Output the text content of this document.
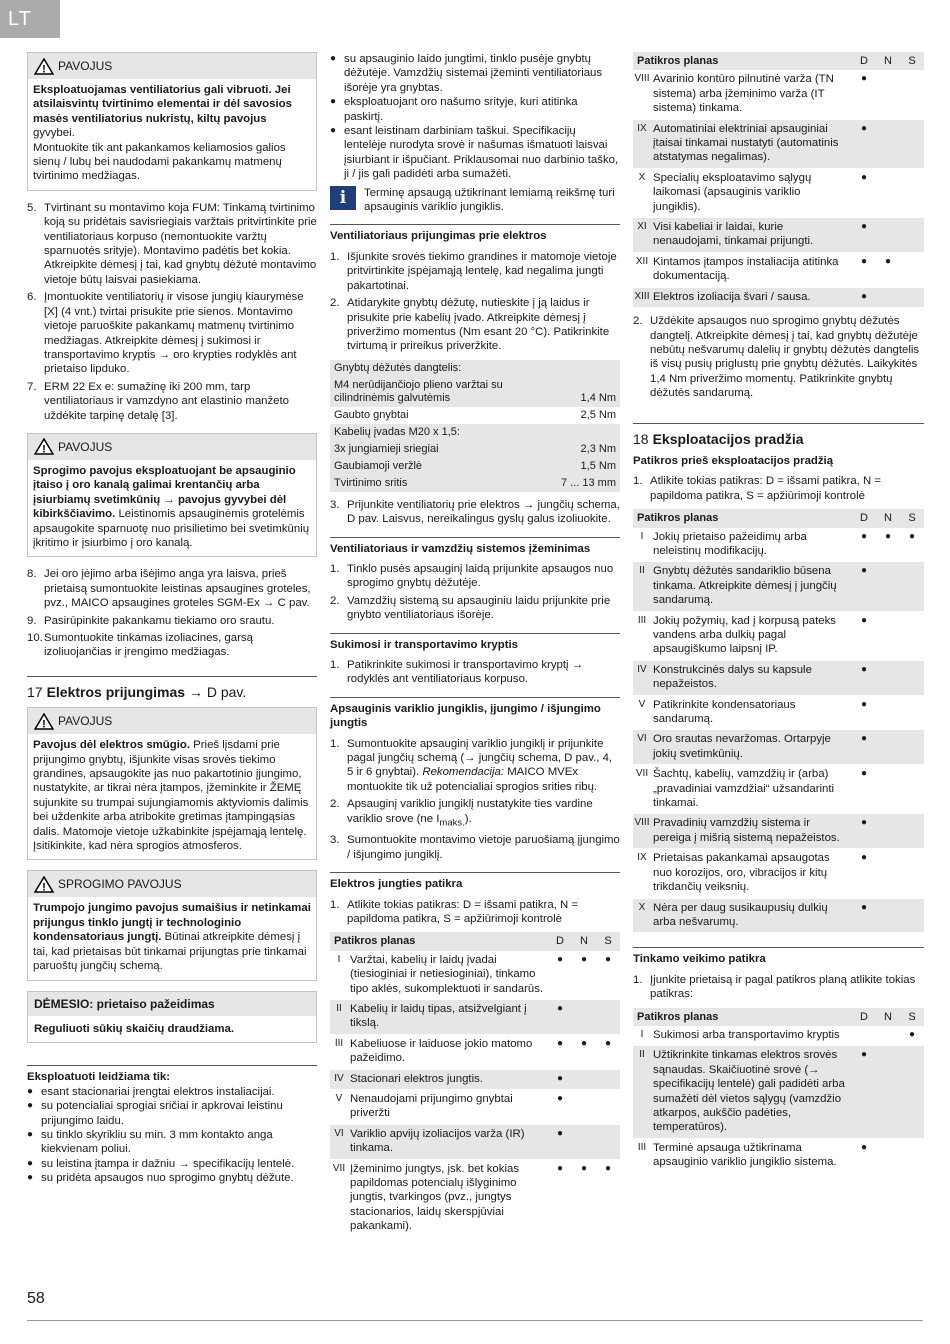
LT
! PAVOJUS
Eksploatuojamas ventiliatorius gali vibruoti. Jei atsilaisvintų tvirtinimo elementai ir dėl savosios masės ventiliatorius nukristų, kiltų pavojus gyvybei.
Montuokite tik ant pakankamos keliamosios galios sienų / lubų bei naudodami pakankamų matmenų tvirtinimo medžiagas.
5. Tvirtinant su montavimo koja FUM: Tinkamą tvirtinimo koją su pridėtais savisriegiais varžtais pritvirtinkite prie ventiliatoriaus korpuso (nemontuokite varžtų sparnuotės srityje). Montavimo padėtis bet kokia. Atkreipkite dėmesį į tai, kad gnybtų dėžutė montavimo vietoje būtų laisvai pasiekiama.
6. Įmontuokite ventiliatorių ir visose jungių kiaurymėse [X] (4 vnt.) tvirtai prisukite prie sienos. Montavimo vietoje paruoškite pakankamų matmenų tvirtinimo medžiagas. Atkreipkite dėmesį į sukimosi ir transportavimo kryptis → oro krypties rodyklės ant prietaiso lipduko.
7. ERM 22 Ex e: sumažinę iki 200 mm, tarp ventiliatoriaus ir vamzdyno ant elastinio manžeto uždėkite tarpinę detalę [3].
! PAVOJUS
Sprogimo pavojus eksploatuojant be apsauginio įtaiso į oro kanalą galimai krentančių arba įsiurbiamų svetimkūnių → pavojus gyvybei dėl kibirkščiavimo. Leistinomis apsauginėmis grotelėmis apsaugokite sparnuotę nuo prisilietimo bei svetimkūnių įkritimo ir įsiurbimo į oro kanalą.
8. Jei oro įėjimo arba išėjimo anga yra laisva, prieš prietaisą sumontuokite leistinas apsaugines groteles, pvz., MAICO apsaugines groteles SGM-Ex → C pav.
9. Pasirūpinkite pakankamu tiekiamo oro srautu.
10. Sumontuokite tinkamas izoliacines, garsą izoliuojančias ir įrengimo medžiagas.
17 Elektros prijungimas → D pav.
! PAVOJUS
Pavojus dėl elektros smūgio. Prieš lįsdami prie prijungimo gnybtų, išjunkite visas srovės tiekimo grandines, apsaugokite jas nuo pakartotinio įjungimo, nustatykite, ar tikrai nėra įtampos, įžeminkite ir ŽEMĘ sujunkite su trumpai sujungiamomis aktyviomis dalimis bei uždenkite arba atribokite gretimas įtampingąsias dalis. Matomoje vietoje užkabinkite įspėjamąją lentelę. Įsitikinkite, kad nėra sprogios atmosferos.
! SPROGIMO PAVOJUS
Trumpojo jungimo pavojus sumaišius ir netinkamai prijungus tinklo jungtį ir technologinio kondensatoriaus jungtį. Būtinai atkreipkite dėmesį į tai, kad prietaisas būt tinkamai prijungtas prie tinkamai paruoštų jungčių schemą.
DĖMESIO: prietaiso pažeidimas
Reguliuoti sūkių skaičių draudžiama.
Eksploatuoti leidžiama tik:
● esant stacionariai įrengtai elektros instaliacijai.
● su potencialiai sprogiai sričiai ir apkrovai leistinu prijungimo laidu.
● su tinklo skyrikliu su min. 3 mm kontakto anga kiekvienam poliui.
● su leistina įtampa ir dažniu → specifikacijų lentelė.
● su pridėta apsaugos nuo sprogimo gnybtų dėžute.
● su apsauginio laido jungtimi, tinklo pusėje gnybtų dėžutėje. Vamzdžių sistemai įžeminti ventiliatoriaus išorėje yra gnybtas.
● eksploatuojant oro našumo srityje, kuri atitinka paskirtį.
● esant leistinam darbiniam taškui. Specifikacijų lentelėje nurodyta srovė ir našumas išmatuoti laisvai įsiurbiant ir išpučiant. Priklausomai nuo darbinio taško, ji / jis gali padidėti arba sumažėti.
i	Terminę apsaugą užtikrinant lemiamą reikšmę turi apsauginis variklio jungiklis.
Ventiliatoriaus prijungimas prie elektros
1. Išjunkite srovės tiekimo grandines ir matomoje vietoje pritvirtinkite įspėjamąją lentelę, kad negalima jungti pakartotinai.
2. Atidarykite gnybtų dėžutę, nutieskite į ją laidus ir prisukite prie kabelių įvado. Atkreipkite dėmesį į priveržimo momentus (Nm esant 20 °C). Patikrinkite tvirtumą ir prireikus priveržkite.
Gnybtų dėžutės dangtelis:	
M4 nerūdijančiojo plieno varžtai su cilindrinėmis galvutėmis	1,4 Nm
Gaubto gnybtai	2,5 Nm
Kabelių įvadas M20 x 1,5:	
3x jungiamieji sriegiai	2,3 Nm
Gaubiamoji veržlė	1,5 Nm
Tvirtinimo sritis	7 ... 13 mm
3. Prijunkite ventiliatorių prie elektros → jungčių schema, D pav. Laisvus, nereikalingus gyslų galus izoliuokite.
Ventiliatoriaus ir vamzdžių sistemos įžeminimas
1. Tinklo pusės apsauginį laidą prijunkite apsaugos nuo sprogimo gnybtų dėžutėje.
2. Vamzdžių sistemą su apsauginiu laidu prijunkite prie gnybto ventiliatoriaus išorėje.
Sukimosi ir transportavimo kryptis
1. Patikrinkite sukimosi ir transportavimo kryptį → rodyklės ant ventiliatoriaus korpuso.
Apsauginis variklio jungiklis, įjungimo / išjungimo jungtis
1. Sumontuokite apsauginį variklio jungiklį ir prijunkite pagal jungčių schemą (→ jungčių schema, D pav., 4, 5 ir 6 gnybtai). Rekomendacija: MAICO MVEx montuokite tik už potencialiai sprogios srities ribų.
2. Apsauginį variklio jungiklį nustatykite ties vardine variklio srove (ne $I_{maks.}$).
3. Sumontuokite montavimo vietoje paruošiamą įjungimo / išjungimo jungiklį.
Elektros jungties patikra
1. Atlikite tokias patikras: D = išsami patikra, N = papildoma patikra, S = apžiūrimoji kontrolė
Patikros planas		D	N	S
I	Varžtai, kabelių ir laidų įvadai (tiesioginiai ir netiesioginiai), tinkamo tipo aklės, sukomplektuoti ir sandarūs.	●	●	●
II	Kabelių ir laidų tipas, atsižvelgiant į tikslą.	●		
III	Kabeliuose ir laiduose jokio matomo pažeidimo.	●	●	●
IV	Stacionari elektros jungtis.	●		
V	Nenaudojami prijungimo gnybtai priveržti	●		
VI	Variklio apvijų izoliacijos varža (IR) tinkama.	●		
VII	Įžeminimo jungtys, įsk. bet kokias papildomas potencialų išlyginimo jungtis, tvarkingos (pvz., jungtys stacionarios, laidų skerspjūviai pakankami).	●	●	●
Patikros planas		D	N	S
VIII	Avarinio kontūro pilnutinė varža (TN sistema) arba įžeminimo varža (IT sistema) tinkama.	●		
IX	Automatiniai elektriniai apsauginiai įtaisai tinkamai nustatyti (automatinis atstatymas negalimas).	●		
X	Specialių eksploatavimo sąlygų laikomasi (apsauginis variklio jungiklis).	●		
XI	Visi kabeliai ir laidai, kurie nenaudojami, tinkamai prijungti.	●		
XII	Kintamos įtampos instaliacija atitinka dokumentaciją.	●	●	
XIII	Elektros izoliacija švari / sausa.	●		
2. Uždėkite apsaugos nuo sprogimo gnybtų dėžutės dangtelį. Atkreipkite dėmesį į tai, kad gnybtų dėžutėje nebūtų nešvarumų dalelių ir gnybtų dėžutės dangtelis iš visų pusių priglustų prie gnybtų dėžutės. Laikykitės 1,4 Nm priveržimo momentų. Patikrinkite gnybtų dėžutės sandarumą.
18 Eksploatacijos pradžia
Patikros prieš eksploatacijos pradžią
1. Atlikite tokias patikras: D = išsami patikra, N = papildoma patikra, S = apžiūrimoji kontrolė
Patikros planas		D	N	S
I	Jokių prietaiso pažeidimų arba neleistinų modifikacijų.	●	●	●
II	Gnybtų dėžutės sandariklio būsena tinkama. Atkreipkite dėmesį į jungčių sandarumą.	●		
III	Jokių požymių, kad į korpusą pateks vandens arba dulkių pagal apsaugiškumo laipsnį IP.	●		
IV	Konstrukcinės dalys su kapsule nepažeistos.	●		
V	Patikrinkite kondensatoriaus sandarumą.	●		
VI	Oro srautas nevaržomas. Ortarpyje jokių svetimkūnių.	●		
VII	Šachtų, kabelių, vamzdžių ir (arba) „pravadiniai vamzdžiai“ užsandarinti tinkamai.	●		
VIII	Pravadinių vamzdžių sistema ir pereiga į mišrią sistemą nepažeistos.	●		
IX	Prietaisas pakankamai apsaugotas nuo korozijos, oro, vibracijos ir kitų trikdančių veiksnių.	●		
X	Nėra per daug susikaupusių dulkių arba nešvarumų.	●		
Tinkamo veikimo patikra
1. Įjunkite prietaisą ir pagal patikros planą atlikite tokias patikras:
Patikros planas		D	N	S
I	Sukimosi arba transportavimo kryptis			●
II	Užtikrinkite tinkamas elektros srovės sąnaudas. Skaičiuotinė srovė (→ specifikacijų lentelė) gali padidėti arba sumažėti dėl vietos sąlygų (vamzdžio atkarpos, aukščio padėties, temperatūros).	●		
III	Terminė apsauga užtikrinama apsauginio variklio jungiklio sistema.	●		
58
